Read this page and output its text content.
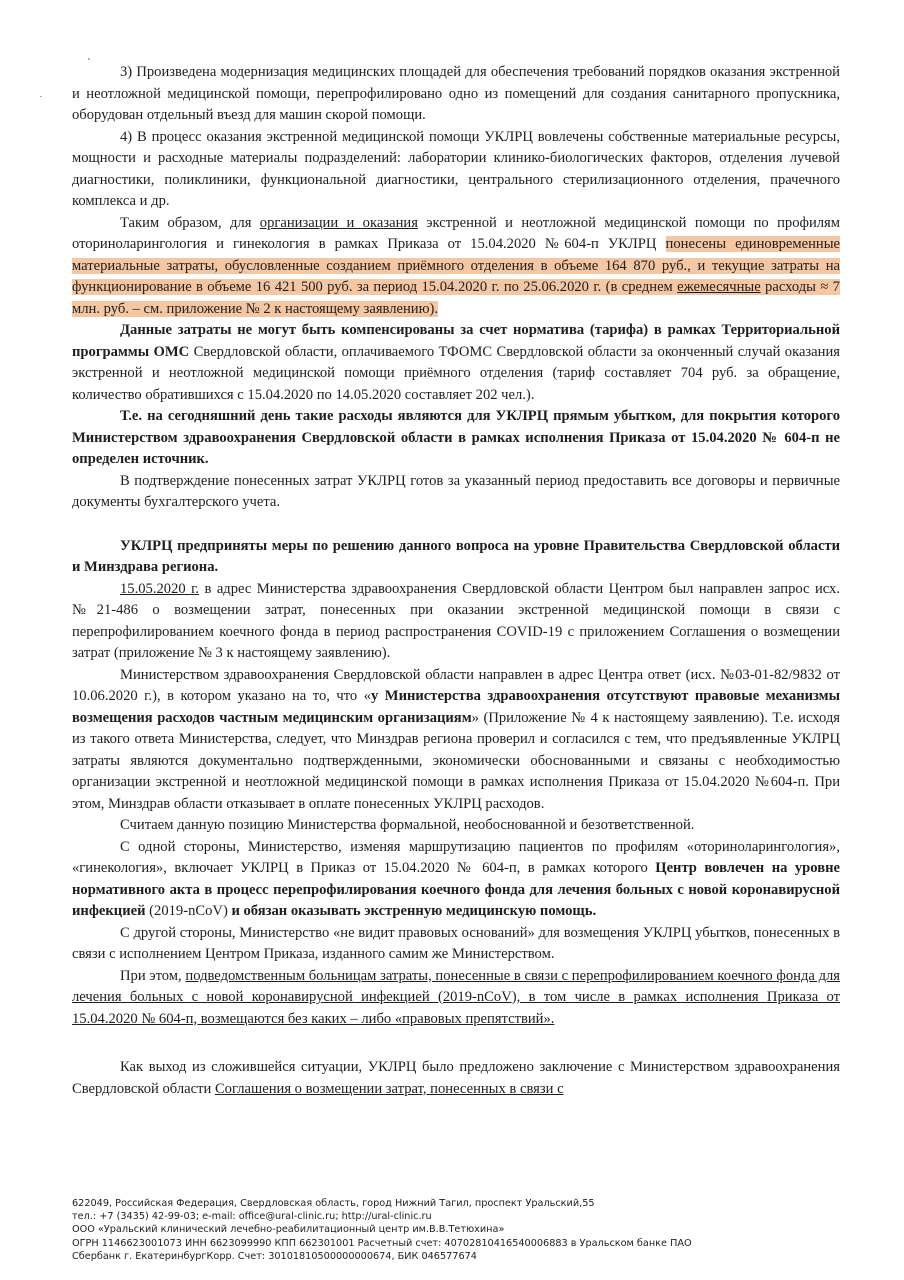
3) Произведена модернизация медицинских площадей для обеспечения требований порядков оказания экстренной и неотложной медицинской помощи, перепрофилировано одно из помещений для создания санитарного пропускника, оборудован отдельный въезд для машин скорой помощи.

4) В процесс оказания экстренной медицинской помощи УКЛРЦ вовлечены собственные материальные ресурсы, мощности и расходные материалы подразделений: лаборатории клинико-биологических факторов, отделения лучевой диагностики, поликлиники, функциональной диагностики, центрального стерилизационного отделения, прачечного комплекса и др.

Таким образом, для организации и оказания экстренной и неотложной медицинской помощи по профилям оториноларингология и гинекология в рамках Приказа от 15.04.2020 №604-п УКЛРЦ понесены единовременные материальные затраты, обусловленные созданием приёмного отделения в объеме 164 870 руб., и текущие затраты на функционирование в объеме 16 421 500 руб. за период 15.04.2020 г. по 25.06.2020 г. (в среднем ежемесячные расходы ≈ 7 млн. руб. – см. приложение № 2 к настоящему заявлению).

Данные затраты не могут быть компенсированы за счет норматива (тарифа) в рамках Территориальной программы ОМС Свердловской области, оплачиваемого ТФОМС Свердловской области за оконченный случай оказания экстренной и неотложной медицинской помощи приёмного отделения (тариф составляет 704 руб. за обращение, количество обратившихся с 15.04.2020 по 14.05.2020 составляет 202 чел.).

Т.е. на сегодняшний день такие расходы являются для УКЛРЦ прямым убытком, для покрытия которого Министерством здравоохранения Свердловской области в рамках исполнения Приказа от 15.04.2020 № 604-п не определен источник.

В подтверждение понесенных затрат УКЛРЦ готов за указанный период предоставить все договоры и первичные документы бухгалтерского учета.

УКЛРЦ предприняты меры по решению данного вопроса на уровне Правительства Свердловской области и Минздрава региона.

15.05.2020 г. в адрес Министерства здравоохранения Свердловской области Центром был направлен запрос исх. №21-486 о возмещении затрат, понесенных при оказании экстренной медицинской помощи в связи с перепрофилированием коечного фонда в период распространения COVID-19 с приложением Соглашения о возмещении затрат (приложение № 3 к настоящему заявлению).

Министерством здравоохранения Свердловской области направлен в адрес Центра ответ (исх. №03-01-82/9832 от 10.06.2020 г.), в котором указано на то, что «у Министерства здравоохранения отсутствуют правовые механизмы возмещения расходов частным медицинским организациям» (Приложение № 4 к настоящему заявлению). Т.е. исходя из такого ответа Министерства, следует, что Минздрав региона проверил и согласился с тем, что предъявленные УКЛРЦ затраты являются документально подтвержденными, экономически обоснованными и связаны с необходимостью организации экстренной и неотложной медицинской помощи в рамках исполнения Приказа от 15.04.2020 №604-п. При этом, Минздрав области отказывает в оплате понесенных УКЛРЦ расходов.

Считаем данную позицию Министерства формальной, необоснованной и безответственной.

С одной стороны, Министерство, изменяя маршрутизацию пациентов по профилям «оториноларингология», «гинекология», включает УКЛРЦ в Приказ от 15.04.2020 № 604-п, в рамках которого Центр вовлечен на уровне нормативного акта в процесс перепрофилирования коечного фонда для лечения больных с новой коронавирусной инфекцией (2019-nCoV) и обязан оказывать экстренную медицинскую помощь.

С другой стороны, Министерство «не видит правовых оснований» для возмещения УКЛРЦ убытков, понесенных в связи с исполнением Центром Приказа, изданного самим же Министерством.

При этом, подведомственным больницам затраты, понесенные в связи с перепрофилированием коечного фонда для лечения больных с новой коронавирусной инфекцией (2019-nCoV), в том числе в рамках исполнения Приказа от 15.04.2020 № 604-п, возмещаются без каких – либо «правовых препятствий».

Как выход из сложившейся ситуации, УКЛРЦ было предложено заключение с Министерством здравоохранения Свердловской области Соглашения о возмещении затрат, понесенных в связи с

622049, Российская Федерация, Свердловская область, город Нижний Тагил, проспект Уральский,55
тел.: +7 (3435) 42-99-03; e-mail: office@ural-clinic.ru; http://ural-clinic.ru
ООО «Уральский клинический лечебно-реабилитационный центр им.В.В.Тетюхина»
ОГРН 1146623001073 ИНН 6623099990 КПП 662301001 Расчетный счет: 40702810416540006883 в Уральском банке ПАО
Сбербанк г. ЕкатеринбургКорр. Счет: 30101810500000000674, БИК 046577674
